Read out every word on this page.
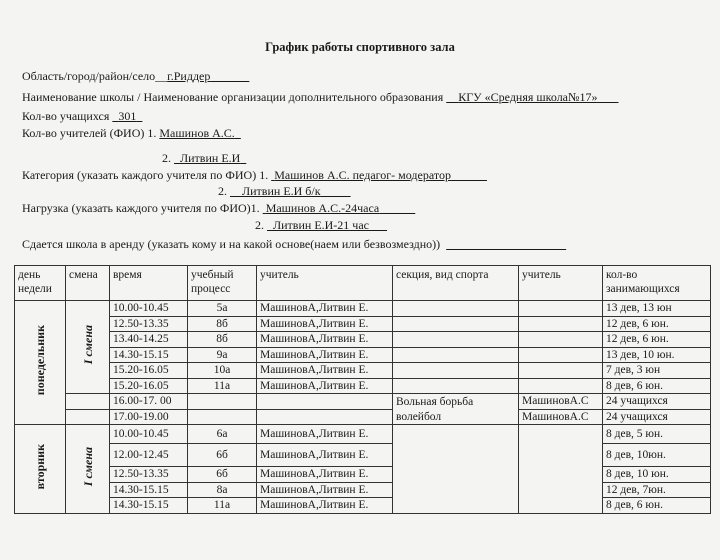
График работы спортивного зала
Область/город/район/село__г.Риддер
Наименование школы / Наименование организации дополнительного образования КГУ «Средняя школа№17»
Кол-во учащихся 301
Кол-во учителей (ФИО) 1. Машинов А.С.
2. Литвин Е.И
Категория (указать каждого учителя по ФИО) 1. Машинов А.С. педагог- модератор
2. Литвин Е.И б/к
Нагрузка (указать каждого учителя по ФИО)1. Машинов А.С.-24часа
2. Литвин Е.И-21 час
Сдается школа в аренду (указать кому и на какой основе(наем или безвозмездно))
день недели	смена	время	учебный процесс	учитель	секция, вид спорта	учитель	кол-во занимающихся
понедельник	I смена	10.00-10.45	5а	МашиновА,Литвин Е.			13 дев, 13 юн
		12.50-13.35	8б	МашиновА,Литвин Е.			12 дев, 6 юн.
		13.40-14.25	8б	МашиновА,Литвин Е.			12 дев, 6 юн.
		14.30-15.15	9а	МашиновА,Литвин Е.			13 дев, 10 юн.
		15.20-16.05	10а	МашиновА,Литвин Е.			7 дев, 3 юн
		15.20-16.05	11а	МашиновА,Литвин Е.			8 дев, 6 юн.
		16.00-17. 00			Вольная борьба	МашиновА.С	24 учащихся
		17.00-19.00			волейбол	МашиновА.С	24 учащихся
вторник	I смена	10.00-10.45	6а	МашиновА,Литвин Е.			8 дев, 5 юн.
		12.00-12.45	6б	МашиновА,Литвин Е.			8 дев, 10юн.
		12.50-13.35	6б	МашиновА,Литвин Е.			8 дев, 10 юн.
		14.30-15.15	8а	МашиновА,Литвин Е.			12 дев, 7юн.
		14.30-15.15	11а	МашиновА,Литвин Е.			8 дев, 6 юн.
